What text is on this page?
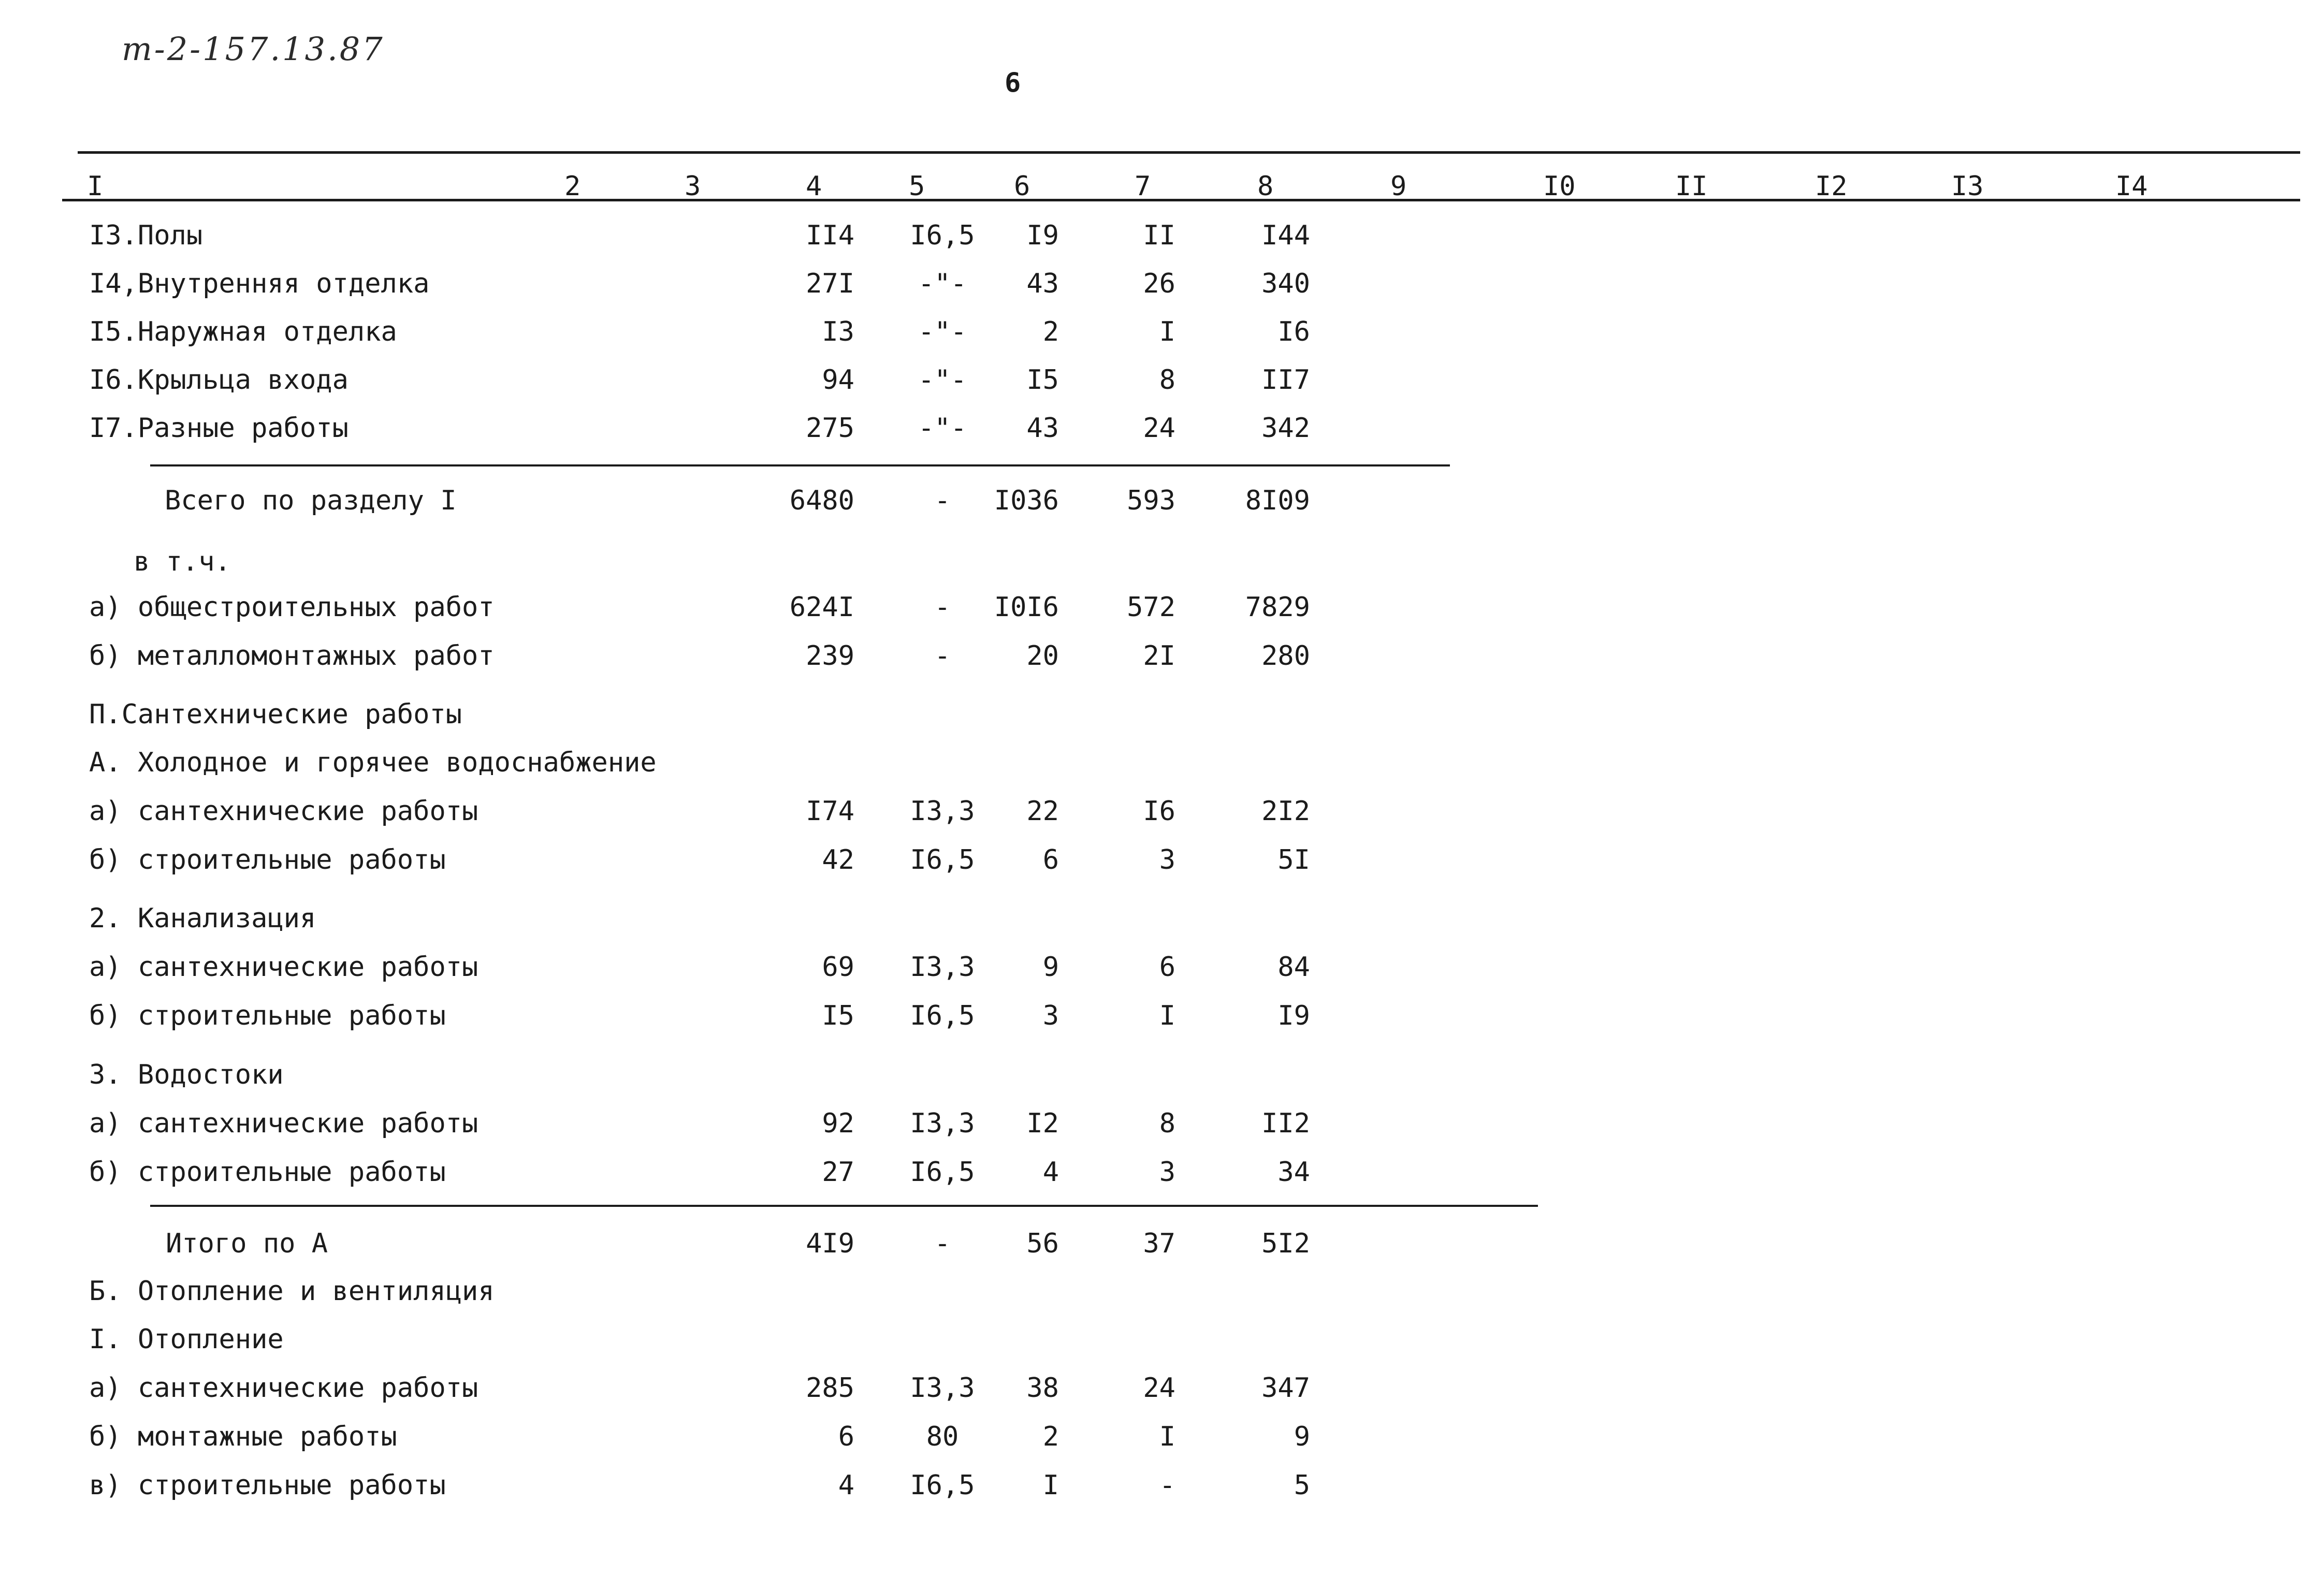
т-2-157.13.87
6
I	2	3	4	5	6	7	8	9	I0	II	I2	I3	I4
I3.Полы	II4	I6,5	I9	II	I44
I4,Внутренняя отделка	27I	-"-	43	26	340
I5.Наружная отделка	I3	-"-	2	I	I6
I6.Крыльца входа	94	-"-	I5	8	II7
I7.Разные работы	275	-"-	43	24	342
Всего по разделу I	6480	-	I036	593	8I09
в т.ч.
а) общестроительных работ	624I	-	I0I6	572	7829
б) металломонтажных работ	239	-	20	2I	280
П.Сантехнические работы
А. Холодное и горячее водоснабжение
а) сантехнические работы	I74	I3,3	22	I6	2I2
б) строительные работы	42	I6,5	6	3	5I
2. Канализация
а) сантехнические работы	69	I3,3	9	6	84
б) строительные работы	I5	I6,5	3	I	I9
3. Водостоки
а) сантехнические работы	92	I3,3	I2	8	II2
б) строительные работы	27	I6,5	4	3	34
Итого по А	4I9	-	56	37	5I2
Б. Отопление и вентиляция
I. Отопление
а) сантехнические работы	285	I3,3	38	24	347
б) монтажные работы	6	80	2	I	9
в) строительные работы	4	I6,5	I	-	5
